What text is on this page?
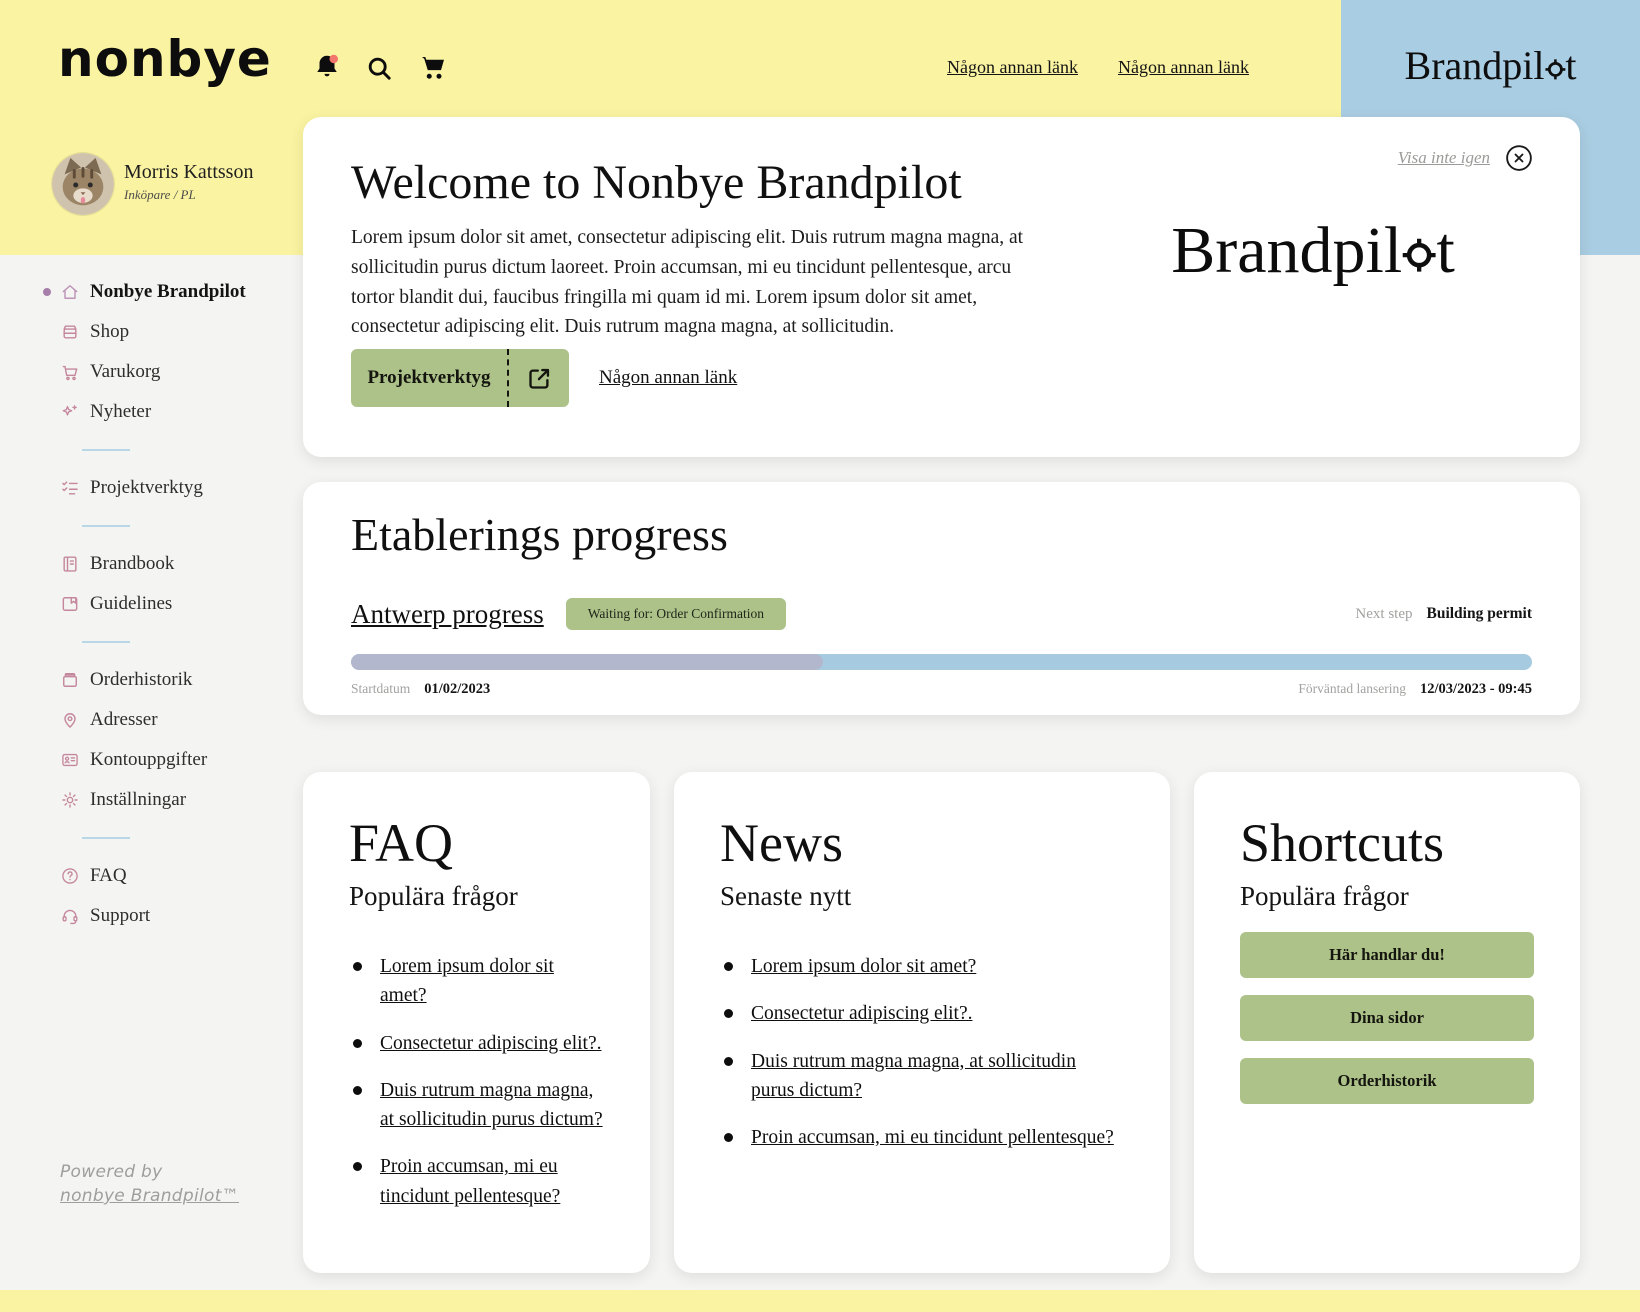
nonbye	Någon annan länk Någon annan länk	Brandpil t
Morris Kattsson
Inköpare / PL
Nonbye Brandpilot
Shop
Varukorg
Nyheter
Projektverktyg
Brandbook
Guidelines
Orderhistorik
Adresser
Kontouppgifter
Inställningar
FAQ
Support
Powered by
nonbye Brandpilot™
Visa inte igen
Welcome to Nonbye Brandpilot

Lorem ipsum dolor sit amet, consectetur adipiscing elit. Duis rutrum magna magna, at sollicitudin purus dictum laoreet. Proin accumsan, mi eu tincidunt pellentesque, arcu tortor blandit dui, faucibus fringilla mi quam id mi. Lorem ipsum dolor sit amet, consectetur adipiscing elit. Duis rutrum magna magna, at sollicitudin.

Projektverktyg	Någon annan länk
Brandpil t
Etablerings progress
Antwerp progress	Waiting for: Order Confirmation	Next step Building permit
Startdatum 01/02/2023	Förväntad lansering 12/03/2023 - 09:45
FAQ
Populära frågor
Lorem ipsum dolor sit amet?
Consectetur adipiscing elit?.
Duis rutrum magna magna, at sollicitudin purus dictum?
Proin accumsan, mi eu tincidunt pellentesque?
News
Senaste nytt
Lorem ipsum dolor sit amet?
Consectetur adipiscing elit?.
Duis rutrum magna magna, at sollicitudin purus dictum?
Proin accumsan, mi eu tincidunt pellentesque?
Shortcuts
Populära frågor
Här handlar du!
Dina sidor
Orderhistorik
